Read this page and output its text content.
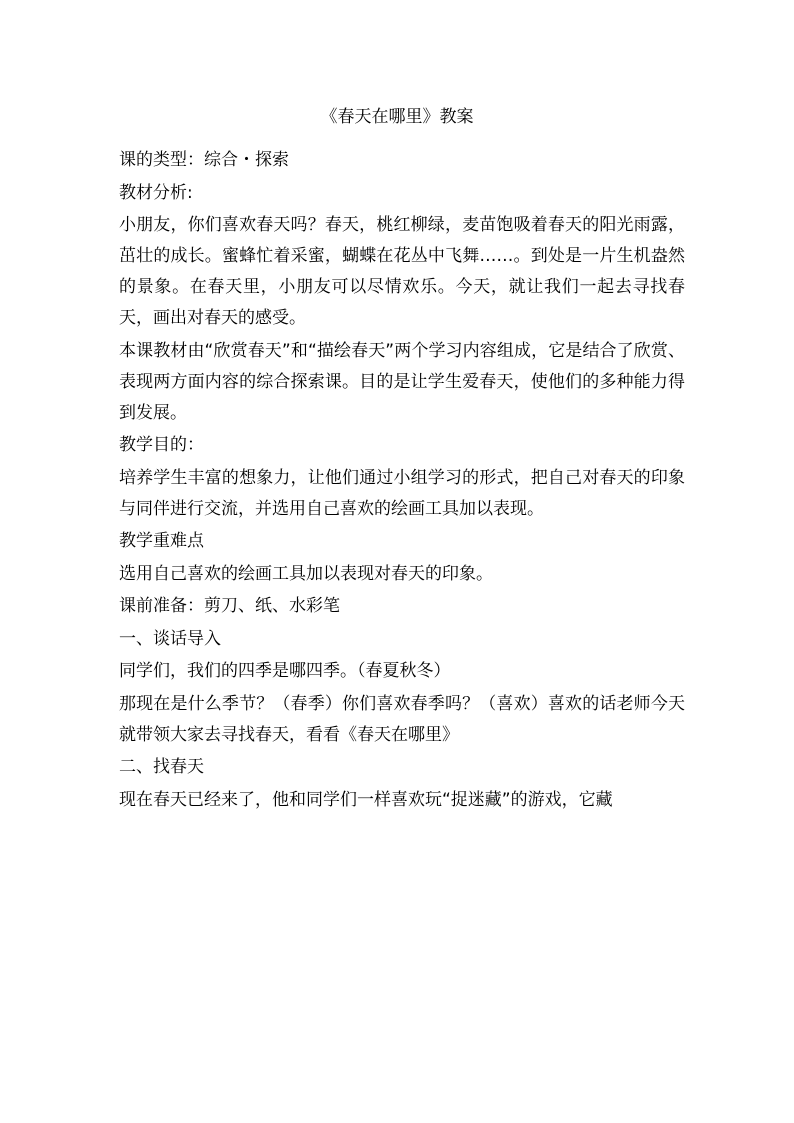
《春天在哪里》教案

课的类型：综合・探索

教材分析:

小朋友，你们喜欢春天吗？春天，桃红柳绿，麦苗饱吸着春天的阳光雨露，茁壮的成长。蜜蜂忙着采蜜，蝴蝶在花丛中飞舞……。到处是一片生机盎然的景象。在春天里，小朋友可以尽情欢乐。今天，就让我们一起去寻找春天，画出对春天的感受。

本课教材由“欣赏春天”和“描绘春天”两个学习内容组成，它是结合了欣赏、表现两方面内容的综合探索课。目的是让学生爱春天，使他们的多种能力得到发展。

教学目的：

培养学生丰富的想象力，让他们通过小组学习的形式，把自己对春天的印象与同伴进行交流，并选用自己喜欢的绘画工具加以表现。

教学重难点

选用自己喜欢的绘画工具加以表现对春天的印象。

课前准备：剪刀、纸、水彩笔

一、谈话导入

同学们，我们的四季是哪四季。（春夏秋冬）

那现在是什么季节？（春季）你们喜欢春季吗？（喜欢）喜欢的话老师今天就带领大家去寻找春天，看看《春天在哪里》

二、找春天

现在春天已经来了，他和同学们一样喜欢玩“捉迷藏”的游戏，它藏
